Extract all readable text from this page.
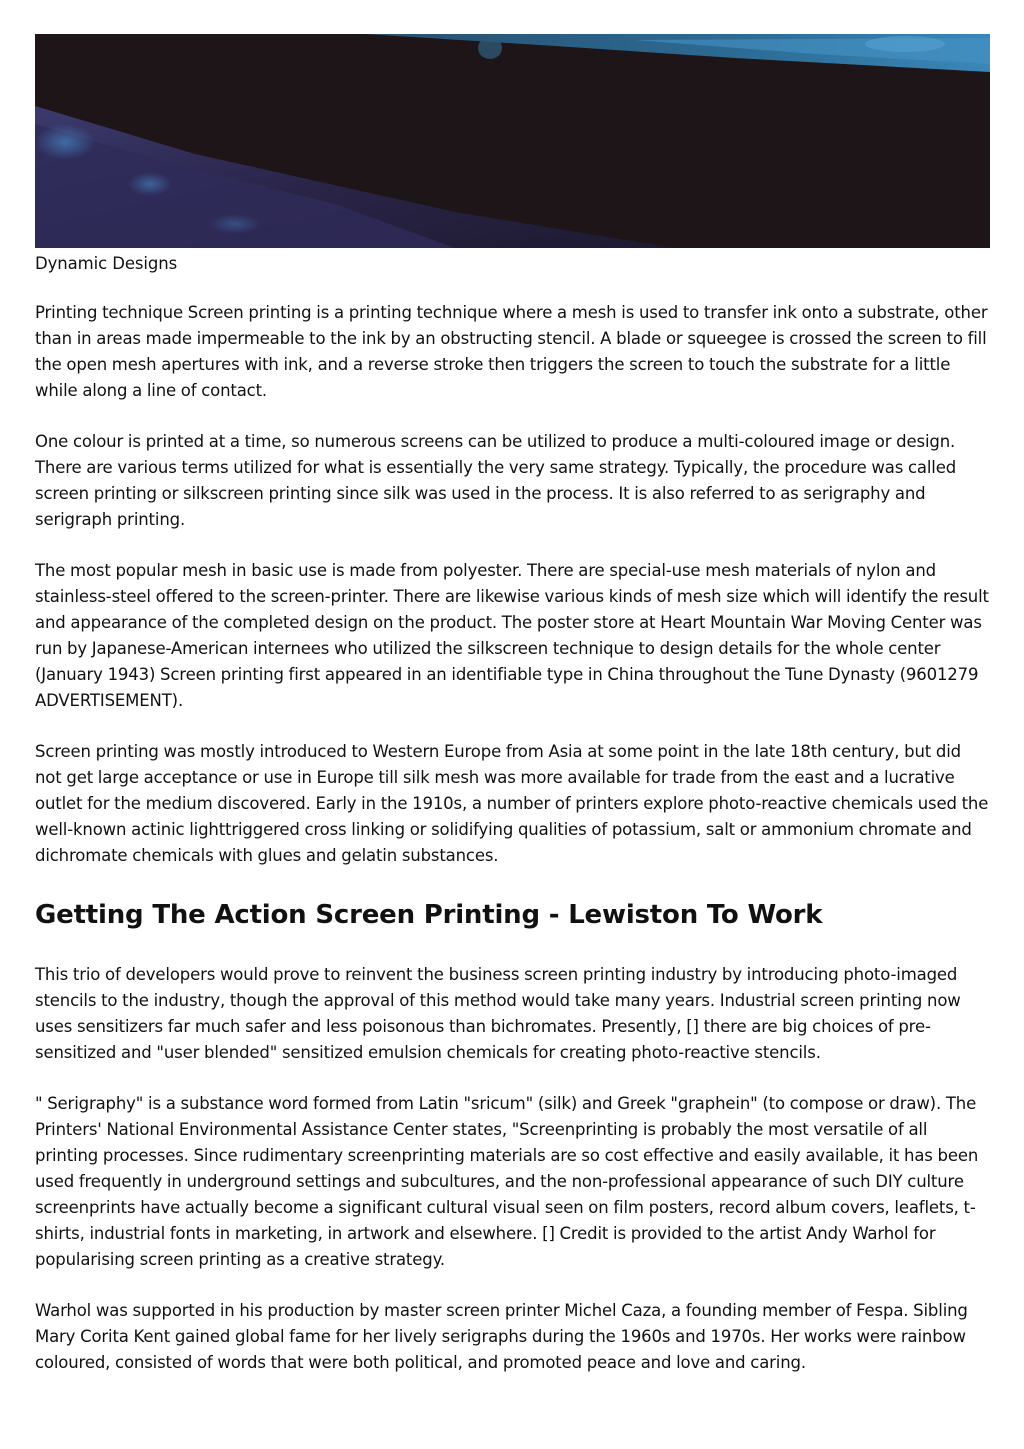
Dynamic Designs

Printing technique Screen printing is a printing technique where a mesh is used to transfer ink onto a substrate, other than in areas made impermeable to the ink by an obstructing stencil. A blade or squeegee is crossed the screen to fill the open mesh apertures with ink, and a reverse stroke then triggers the screen to touch the substrate for a little while along a line of contact.

One colour is printed at a time, so numerous screens can be utilized to produce a multi-coloured image or design. There are various terms utilized for what is essentially the very same strategy. Typically, the procedure was called screen printing or silkscreen printing since silk was used in the process. It is also referred to as serigraphy and serigraph printing.

The most popular mesh in basic use is made from polyester. There are special-use mesh materials of nylon and stainless-steel offered to the screen-printer. There are likewise various kinds of mesh size which will identify the result and appearance of the completed design on the product. The poster store at Heart Mountain War Moving Center was run by Japanese-American internees who utilized the silkscreen technique to design details for the whole center (January 1943) Screen printing first appeared in an identifiable type in China throughout the Tune Dynasty (9601279 ADVERTISEMENT).

Screen printing was mostly introduced to Western Europe from Asia at some point in the late 18th century, but did not get large acceptance or use in Europe till silk mesh was more available for trade from the east and a lucrative outlet for the medium discovered. Early in the 1910s, a number of printers explore photo-reactive chemicals used the well-known actinic lighttriggered cross linking or solidifying qualities of potassium, salt or ammonium chromate and dichromate chemicals with glues and gelatin substances.

Getting The Action Screen Printing - Lewiston To Work

This trio of developers would prove to reinvent the business screen printing industry by introducing photo-imaged stencils to the industry, though the approval of this method would take many years. Industrial screen printing now uses sensitizers far much safer and less poisonous than bichromates. Presently, [] there are big choices of pre-sensitized and "user blended" sensitized emulsion chemicals for creating photo-reactive stencils.

" Serigraphy" is a substance word formed from Latin "sricum" (silk) and Greek "graphein" (to compose or draw). The Printers' National Environmental Assistance Center states, "Screenprinting is probably the most versatile of all printing processes. Since rudimentary screenprinting materials are so cost effective and easily available, it has been used frequently in underground settings and subcultures, and the non-professional appearance of such DIY culture screenprints have actually become a significant cultural visual seen on film posters, record album covers, leaflets, t-shirts, industrial fonts in marketing, in artwork and elsewhere. [] Credit is provided to the artist Andy Warhol for popularising screen printing as a creative strategy.

Warhol was supported in his production by master screen printer Michel Caza, a founding member of Fespa. Sibling Mary Corita Kent gained global fame for her lively serigraphs during the 1960s and 1970s. Her works were rainbow coloured, consisted of words that were both political, and promoted peace and love and caring.
